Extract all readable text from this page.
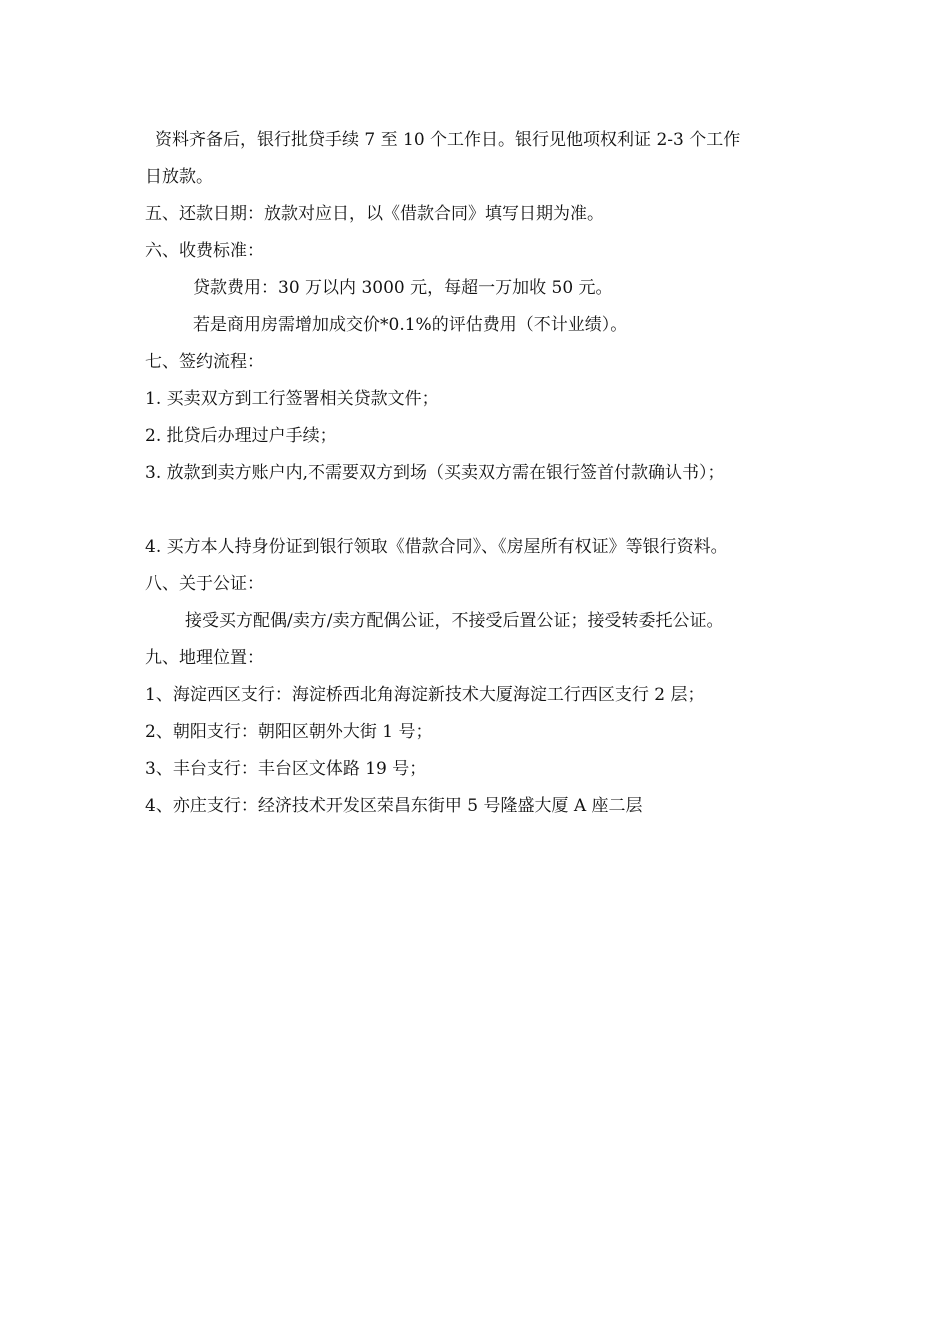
资料齐备后，银行批贷手续 7 至 10 个工作日。银行见他项权利证 2-3 个工作
日放款。
五、还款日期：放款对应日，以《借款合同》填写日期为准。
六、收费标准：
贷款费用：30 万以内 3000 元，每超一万加收 50 元。
若是商用房需增加成交价*0.1%的评估费用（不计业绩）。
七、签约流程：
1. 买卖双方到工行签署相关贷款文件；
2. 批贷后办理过户手续；
3. 放款到卖方账户内,不需要双方到场（买卖双方需在银行签首付款确认书）；
4. 买方本人持身份证到银行领取《借款合同》、《房屋所有权证》等银行资料。
八、关于公证：
接受买方配偶/卖方/卖方配偶公证，不接受后置公证；接受转委托公证。
九、地理位置：
1、海淀西区支行：海淀桥西北角海淀新技术大厦海淀工行西区支行 2 层；
2、朝阳支行：朝阳区朝外大街 1 号；
3、丰台支行：丰台区文体路 19 号；
4、亦庄支行：经济技术开发区荣昌东街甲 5 号隆盛大厦 A 座二层
